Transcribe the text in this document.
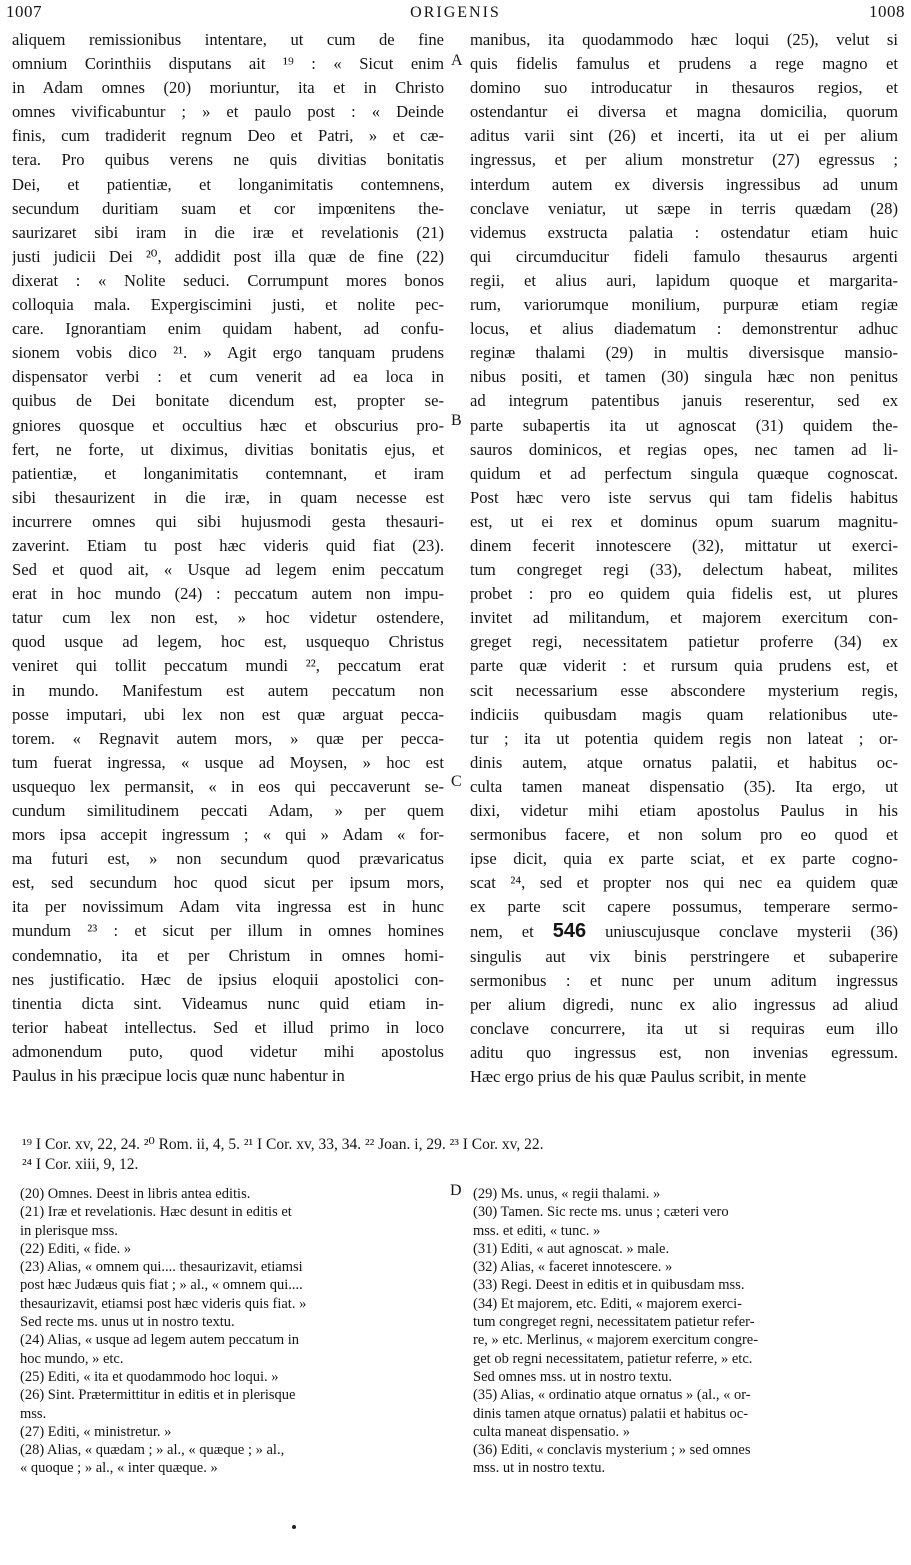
1007	ORIGENIS	1008
aliquem remissionibus intentare, ut cum de fine
omnium Corinthiis disputans ait ¹⁹ : « Sicut enim
in Adam omnes (20) moriuntur, ita et in Christo
omnes vivificabuntur ; » et paulo post : « Deinde
finis, cum tradiderit regnum Deo et Patri, » et cæ-
tera. Pro quibus verens ne quis divitias bonitatis
Dei, et patientiæ, et longanimitatis contemnens,
secundum duritiam suam et cor impœnitens the-
saurizaret sibi iram in die iræ et revelationis (21)
justi judicii Dei ²⁰, addidit post illa quæ de fine (22)
dixerat : « Nolite seduci. Corrumpunt mores bonos
colloquia mala. Expergiscimini justi, et nolite pec-
care. Ignorantiam enim quidam habent, ad confu-
sionem vobis dico ²¹. » Agit ergo tanquam prudens
dispensator verbi : et cum venerit ad ea loca in
quibus de Dei bonitate dicendum est, propter se-
gniores quosque et occultius hæc et obscurius pro-
fert, ne forte, ut diximus, divitias bonitatis ejus, et
patientiæ, et longanimitatis contemnant, et iram
sibi thesaurizent in die iræ, in quam necesse est
incurrere omnes qui sibi hujusmodi gesta thesauri-
zaverint. Etiam tu post hæc videris quid fiat (23).
Sed et quod ait, « Usque ad legem enim peccatum
erat in hoc mundo (24) : peccatum autem non impu-
tatur cum lex non est, » hoc videtur ostendere,
quod usque ad legem, hoc est, usquequo Christus
veniret qui tollit peccatum mundi ²², peccatum erat
in mundo. Manifestum est autem peccatum non
posse imputari, ubi lex non est quæ arguat pecca-
torem. « Regnavit autem mors, » quæ per pecca-
tum fuerat ingressa, « usque ad Moysen, » hoc est
usquequo lex permansit, « in eos qui peccaverunt se-
cundum similitudinem peccati Adam, » per quem
mors ipsa accepit ingressum ; « qui » Adam « for-
ma futuri est, » non secundum quod prævaricatus
est, sed secundum hoc quod sicut per ipsum mors,
ita per novissimum Adam vita ingressa est in hunc
mundum ²³ : et sicut per illum in omnes homines
condemnatio, ita et per Christum in omnes homi-
nes justificatio. Hæc de ipsius eloquii apostolici con-
tinentia dicta sint. Videamus nunc quid etiam in-
terior habeat intellectus. Sed et illud primo in loco
admonendum puto, quod videtur mihi apostolus
Paulus in his præcipue locis quæ nunc habentur in
manibus, ita quodammodo hæc loqui (25), velut si
quis fidelis famulus et prudens a rege magno et
domino suo introducatur in thesauros regios, et
ostendantur ei diversa et magna domicilia, quorum
aditus varii sint (26) et incerti, ita ut ei per alium
ingressus, et per alium monstretur (27) egressus ;
interdum autem ex diversis ingressibus ad unum
conclave veniatur, ut sæpe in terris quædam (28)
videmus exstructa palatia : ostendatur etiam huic
qui circumducitur fideli famulo thesaurus argenti
regii, et alius auri, lapidum quoque et margarita-
rum, variorumque monilium, purpuræ etiam regiæ
locus, et alius diadematum : demonstrentur adhuc
reginæ thalami (29) in multis diversisque mansio-
nibus positi, et tamen (30) singula hæc non penitus
ad integrum patentibus januis reserentur, sed ex
parte subapertis ita ut agnoscat (31) quidem the-
sauros dominicos, et regias opes, nec tamen ad li-
quidum et ad perfectum singula quæque cognoscat.
Post hæc vero iste servus qui tam fidelis habitus
est, ut ei rex et dominus opum suarum magnitu-
dinem fecerit innotescere (32), mittatur ut exerci-
tum congreget regi (33), delectum habeat, milites
probet : pro eo quidem quia fidelis est, ut plures
invitet ad militandum, et majorem exercitum con-
greget regi, necessitatem patietur proferre (34) ex
parte quæ viderit : et rursum quia prudens est, et
scit necessarium esse abscondere mysterium regis,
indiciis quibusdam magis quam relationibus ute-
tur ; ita ut potentia quidem regis non lateat ; or-
dinis autem, atque ornatus palatii, et habitus oc-
culta tamen maneat dispensatio (35). Ita ergo, ut
dixi, videtur mihi etiam apostolus Paulus in his
sermonibus facere, et non solum pro eo quod et
ipse dicit, quia ex parte sciat, et ex parte cogno-
scat ²⁴, sed et propter nos qui nec ea quidem quæ
ex parte scit capere possumus, temperare sermo-
nem, et 546 uniuscujusque conclave mysterii (36)
singulis aut vix binis perstringere et subaperire
sermonibus : et nunc per unum aditum ingressus
per alium digredi, nunc ex alio ingressus ad aliud
conclave concurrere, ita ut si requiras eum illo
aditu quo ingressus est, non invenias egressum.
Hæc ergo prius de his quæ Paulus scribit, in mente
A
B
C
D
¹⁹ I Cor. xv, 22, 24. ²⁰ Rom. ii, 4, 5. ²¹ I Cor. xv, 33, 34. ²² Joan. i, 29. ²³ I Cor. xv, 22.
²⁴ I Cor. xiii, 9, 12.
(20) Omnes. Deest in libris antea editis.
(21) Iræ et revelationis. Hæc desunt in editis et
in plerisque mss.
(22) Editi, « fide. »
(23) Alias, « omnem qui.... thesaurizavit, etiamsi
post hæc Judæus quis fiat ; » al., « omnem qui....
thesaurizavit, etiamsi post hæc videris quis fiat. »
Sed recte ms. unus ut in nostro textu.
(24) Alias, « usque ad legem autem peccatum in
hoc mundo, » etc.
(25) Editi, « ita et quodammodo hoc loqui. »
(26) Sint. Prætermittitur in editis et in plerisque
mss.
(27) Editi, « ministretur. »
(28) Alias, « quædam ; » al., « quæque ; » al.,
« quoque ; » al., « inter quæque. »
(29) Ms. unus, « regii thalami. »
(30) Tamen. Sic recte ms. unus ; cæteri vero
mss. et editi, « tunc. »
(31) Editi, « aut agnoscat. » male.
(32) Alias, « faceret innotescere. »
(33) Regi. Deest in editis et in quibusdam mss.
(34) Et majorem, etc. Editi, « majorem exerci-
tum congreget regni, necessitatem patietur refer-
re, » etc. Merlinus, « majorem exercitum congre-
get ob regni necessitatem, patietur referre, » etc.
Sed omnes mss. ut in nostro textu.
(35) Alias, « ordinatio atque ornatus » (al., « or-
dinis tamen atque ornatus) palatii et habitus oc-
culta maneat dispensatio. »
(36) Editi, « conclavis mysterium ; » sed omnes
mss. ut in nostro textu.
